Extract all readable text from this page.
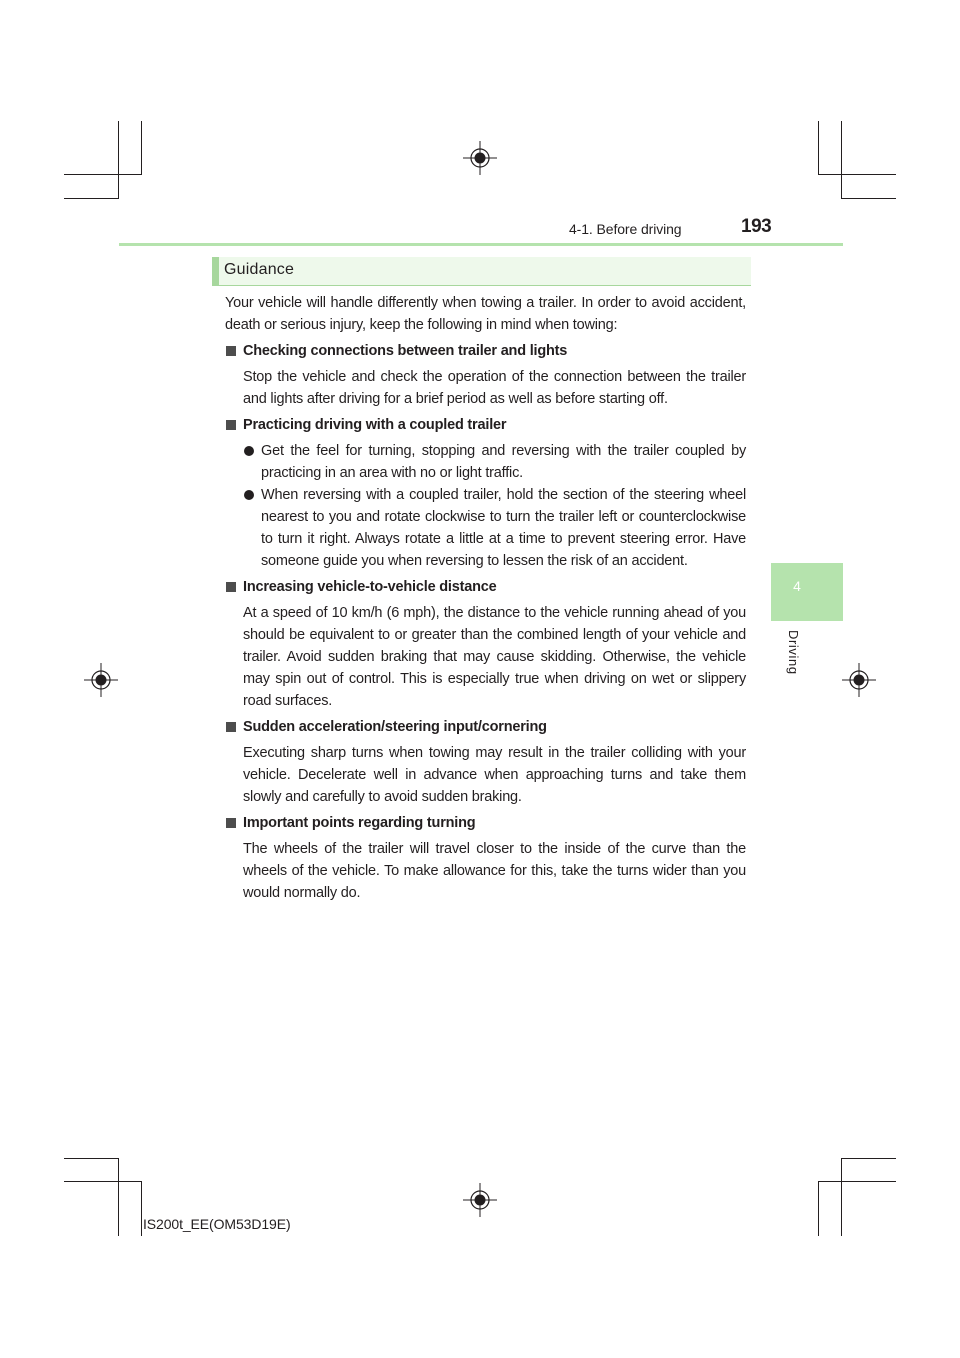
4-1. Before driving	193
4
Driving
Guidance

Your vehicle will handle differently when towing a trailer. In order to avoid accident, death or serious injury, keep the following in mind when towing:

Checking connections between trailer and lights

Stop the vehicle and check the operation of the connection between the trailer and lights after driving for a brief period as well as before starting off.

Practicing driving with a coupled trailer
Get the feel for turning, stopping and reversing with the trailer coupled by practicing in an area with no or light traffic.
When reversing with a coupled trailer, hold the section of the steering wheel nearest to you and rotate clockwise to turn the trailer left or counterclockwise to turn it right. Always rotate a little at a time to prevent steering error. Have someone guide you when reversing to lessen the risk of an accident.
Increasing vehicle-to-vehicle distance

At a speed of 10 km/h (6 mph), the distance to the vehicle running ahead of you should be equivalent to or greater than the combined length of your vehicle and trailer. Avoid sudden braking that may cause skidding. Otherwise, the vehicle may spin out of control. This is especially true when driving on wet or slippery road surfaces.

Sudden acceleration/steering input/cornering

Executing sharp turns when towing may result in the trailer colliding with your vehicle. Decelerate well in advance when approaching turns and take them slowly and carefully to avoid sudden braking.

Important points regarding turning

The wheels of the trailer will travel closer to the inside of the curve than the wheels of the vehicle. To make allowance for this, take the turns wider than you would normally do.

IS200t_EE(OM53D19E)
